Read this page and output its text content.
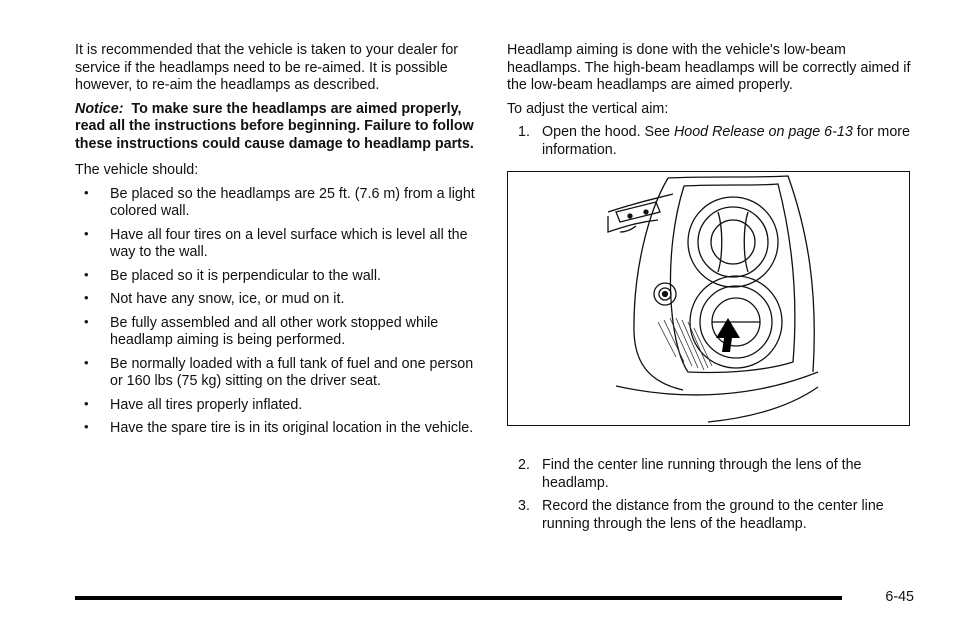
It is recommended that the vehicle is taken to your dealer for service if the headlamps need to be re-aimed. It is possible however, to re-aim the headlamps as described.

Notice: To make sure the headlamps are aimed properly, read all the instructions before beginning. Failure to follow these instructions could cause damage to headlamp parts.

The vehicle should:

• Be placed so the headlamps are 25 ft. (7.6 m) from a light colored wall.
• Have all four tires on a level surface which is level all the way to the wall.
• Be placed so it is perpendicular to the wall.
• Not have any snow, ice, or mud on it.
• Be fully assembled and all other work stopped while headlamp aiming is being performed.
• Be normally loaded with a full tank of fuel and one person or 160 lbs (75 kg) sitting on the driver seat.
• Have all tires properly inflated.
• Have the spare tire is in its original location in the vehicle.

Headlamp aiming is done with the vehicle's low-beam headlamps. The high-beam headlamps will be correctly aimed if the low-beam headlamps are aimed properly.

To adjust the vertical aim:

1. Open the hood. See Hood Release on page 6-13 for more information.
2. Find the center line running through the lens of the headlamp.
3. Record the distance from the ground to the center line running through the lens of the headlamp.
6-45
